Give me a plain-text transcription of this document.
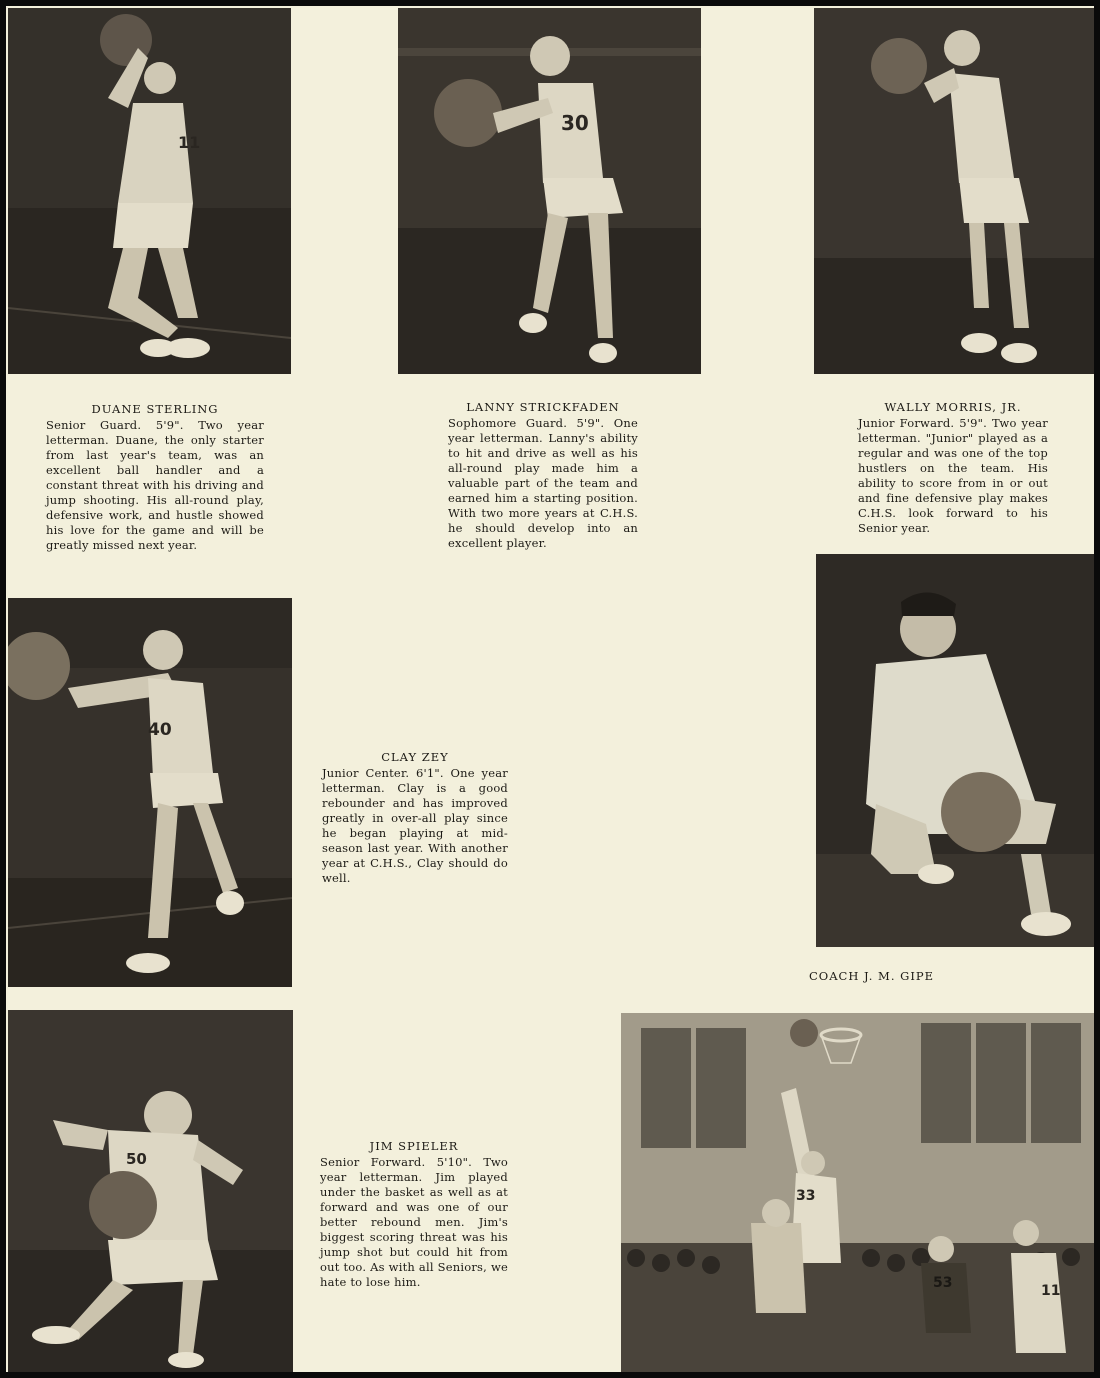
11
30
DUANE STERLING
Senior Guard. 5'9". Two year letterman. Duane, the only starter from last year's team, was an excellent ball handler and a constant threat with his driving and jump shooting. His all-round play, defensive work, and hustle showed his love for the game and will be greatly missed next year.
LANNY STRICKFADEN
Sophomore Guard. 5'9". One year letterman. Lanny's ability to hit and drive as well as his all-round play made him a valuable part of the team and earned him a starting position. With two more years at C.H.S. he should develop into an excellent player.
WALLY MORRIS, JR.
Junior Forward. 5'9". Two year letterman. "Junior" played as a regular and was one of the top hustlers on the team. His ability to score from in or out and fine defensive play makes C.H.S. look forward to his Senior year.
40
CLAY ZEY
Junior Center. 6'1". One year letterman. Clay is a good rebounder and has improved greatly in over-all play since he began playing at mid-season last year. With another year at C.H.S., Clay should do well.
COACH J. M. GIPE
50
JIM SPIELER
Senior Forward. 5'10". Two year letterman. Jim played under the basket as well as at forward and was one of our better rebound men. Jim's biggest scoring threat was his jump shot but could hit from out too. As with all Seniors, we hate to lose him.
33
53	11
